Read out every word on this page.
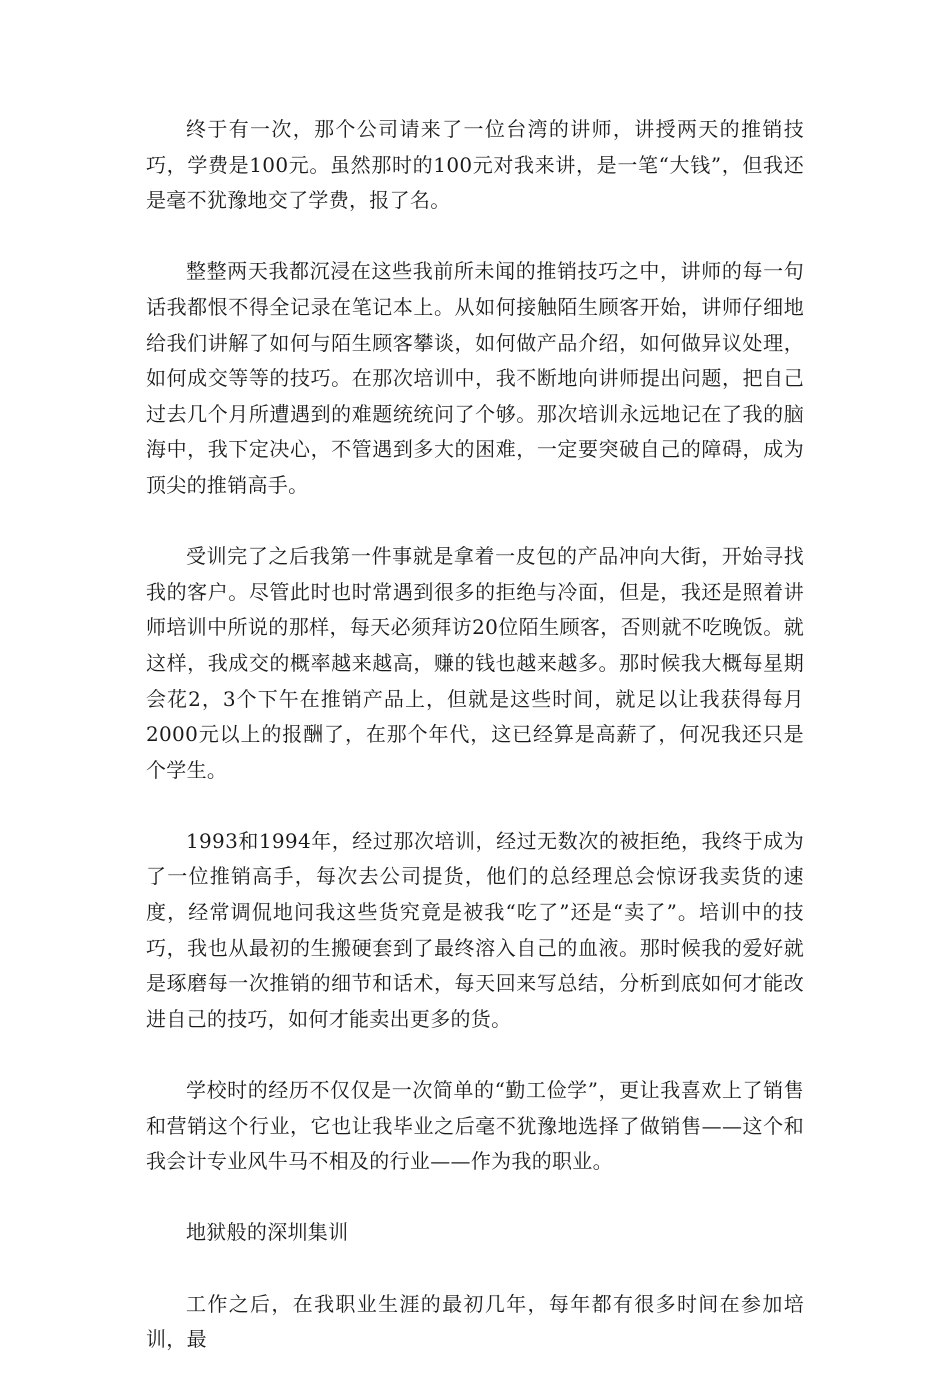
终于有一次，那个公司请来了一位台湾的讲师，讲授两天的推销技巧，学费是100元。虽然那时的100元对我来讲，是一笔“大钱”，但我还是毫不犹豫地交了学费，报了名。

整整两天我都沉浸在这些我前所未闻的推销技巧之中，讲师的每一句话我都恨不得全记录在笔记本上。从如何接触陌生顾客开始，讲师仔细地给我们讲解了如何与陌生顾客攀谈，如何做产品介绍，如何做异议处理，如何成交等等的技巧。在那次培训中，我不断地向讲师提出问题，把自己过去几个月所遭遇到的难题统统问了个够。那次培训永远地记在了我的脑海中，我下定决心，不管遇到多大的困难，一定要突破自己的障碍，成为顶尖的推销高手。

受训完了之后我第一件事就是拿着一皮包的产品冲向大街，开始寻找我的客户。尽管此时也时常遇到很多的拒绝与冷面，但是，我还是照着讲师培训中所说的那样，每天必须拜访20位陌生顾客，否则就不吃晚饭。就这样，我成交的概率越来越高，赚的钱也越来越多。那时候我大概每星期会花2，3个下午在推销产品上，但就是这些时间，就足以让我获得每月2000元以上的报酬了，在那个年代，这已经算是高薪了，何况我还只是个学生。

1993和1994年，经过那次培训，经过无数次的被拒绝，我终于成为了一位推销高手，每次去公司提货，他们的总经理总会惊讶我卖货的速度，经常调侃地问我这些货究竟是被我“吃了”还是“卖了”。培训中的技巧，我也从最初的生搬硬套到了最终溶入自己的血液。那时候我的爱好就是琢磨每一次推销的细节和话术，每天回来写总结，分析到底如何才能改进自己的技巧，如何才能卖出更多的货。

学校时的经历不仅仅是一次简单的“勤工俭学”，更让我喜欢上了销售和营销这个行业，它也让我毕业之后毫不犹豫地选择了做销售——这个和我会计专业风牛马不相及的行业——作为我的职业。

地狱般的深圳集训

工作之后，在我职业生涯的最初几年，每年都有很多时间在参加培训，最
